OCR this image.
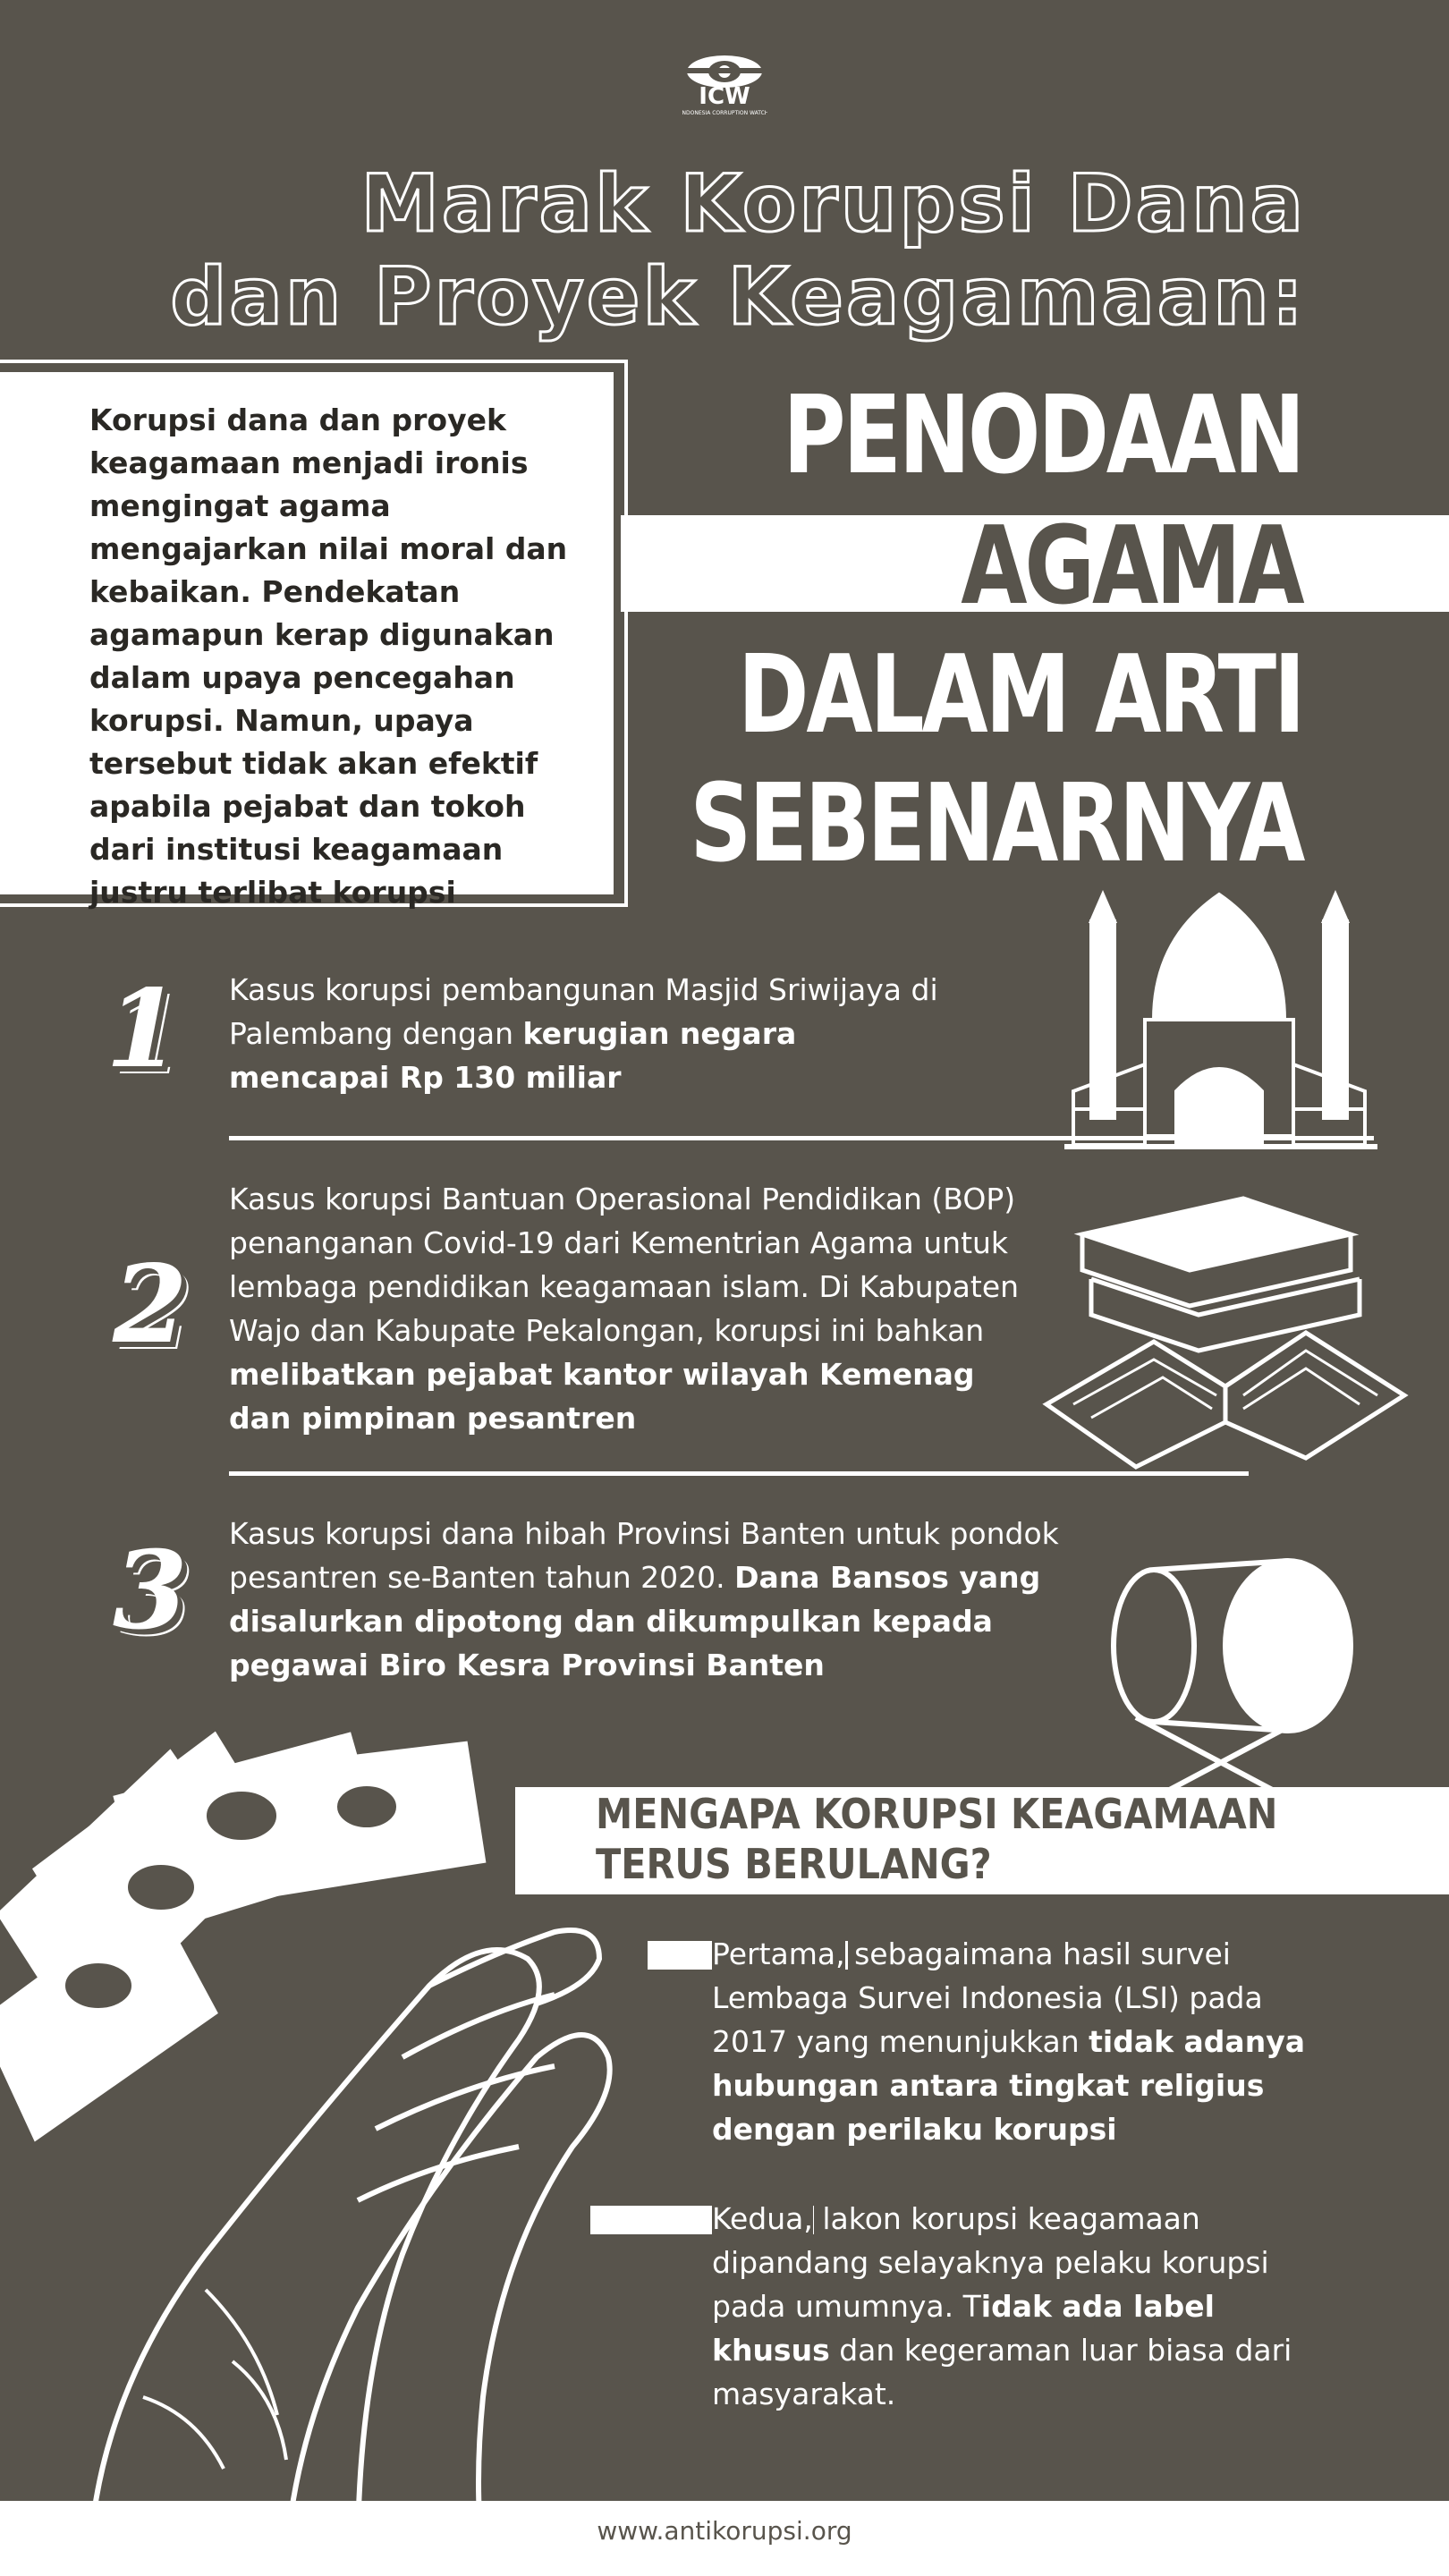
ICW
INDONESIA CORRUPTION WATCH
Marak Korupsi Dana
dan Proyek Keagamaan:
Korupsi dana dan proyek keagamaan menjadi ironis mengingat agama mengajarkan nilai moral dan kebaikan. Pendekatan agamapun kerap digunakan dalam upaya pencegahan korupsi. Namun, upaya tersebut tidak akan efektif apabila pejabat dan tokoh dari institusi keagamaan justru terlibat korupsi
PENODAAN
AGAMA
DALAM ARTI
SEBENARNYA
1 Kasus korupsi pembangunan Masjid Sriwijaya di Palembang dengan kerugian negara mencapai Rp 130 miliar
2
Kasus korupsi Bantuan Operasional Pendidikan (BOP) penanganan Covid-19 dari Kementrian Agama untuk lembaga pendidikan keagamaan islam. Di Kabupaten Wajo dan Kabupate Pekalongan, korupsi ini bahkan melibatkan pejabat kantor wilayah Kemenag dan pimpinan pesantren
3 Kasus korupsi dana hibah Provinsi Banten untuk pondok pesantren se-Banten tahun 2020. Dana Bansos yang disalurkan dipotong dan dikumpulkan kepada pegawai Biro Kesra Provinsi Banten
MENGAPA KORUPSI KEAGAMAAN
TERUS BERULANG?
Pertama, sebagaimana hasil survei Lembaga Survei Indonesia (LSI) pada 2017 yang menunjukkan tidak adanya hubungan antara tingkat religius dengan perilaku korupsi
Kedua, lakon korupsi keagamaan dipandang selayaknya pelaku korupsi pada umumnya. Tidak ada label khusus dan kegeraman luar biasa dari masyarakat.
www.antikorupsi.org
